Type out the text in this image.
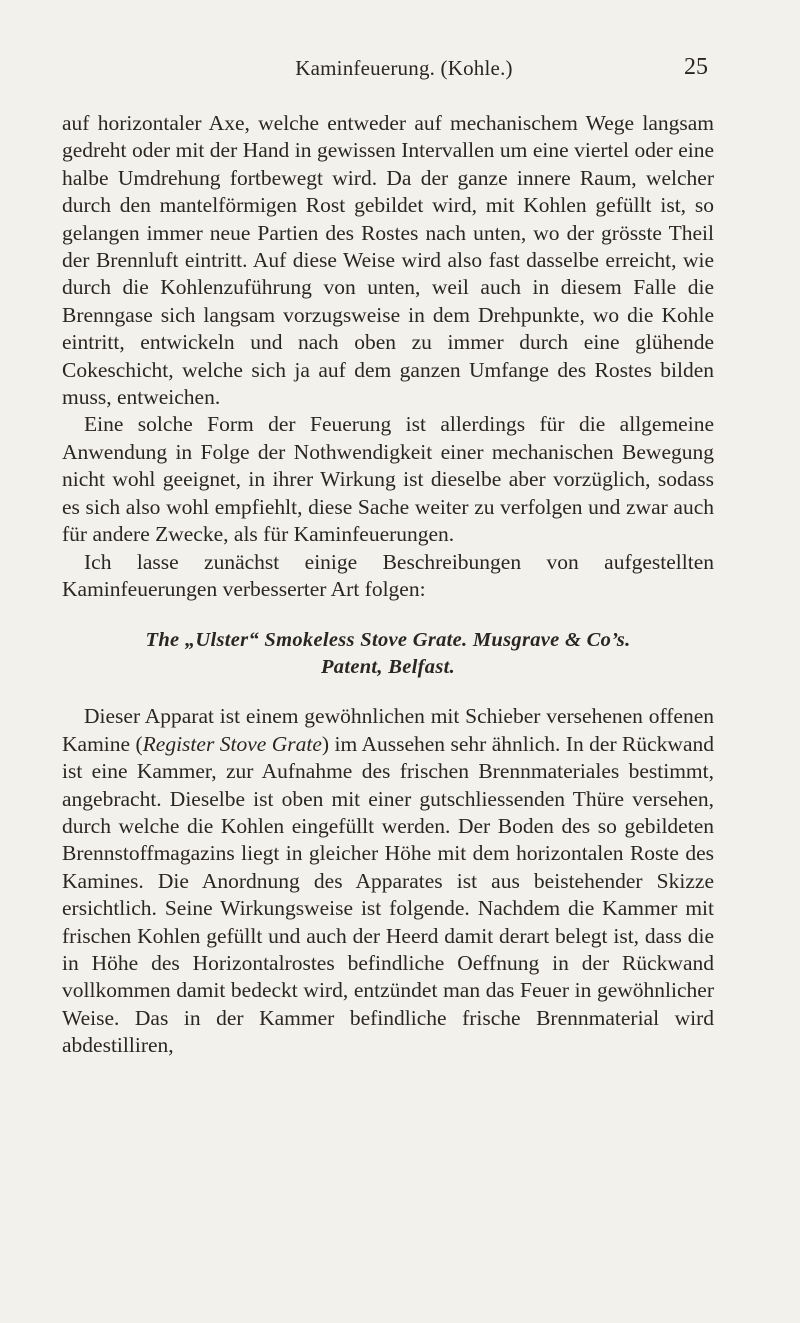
Kaminfeuerung. (Kohle.)	25

auf horizontaler Axe, welche entweder auf mechanischem Wege langsam gedreht oder mit der Hand in gewissen Intervallen um eine viertel oder eine halbe Umdrehung fortbewegt wird. Da der ganze innere Raum, welcher durch den mantelförmigen Rost gebildet wird, mit Kohlen gefüllt ist, so gelangen immer neue Partien des Rostes nach unten, wo der grösste Theil der Brennluft eintritt. Auf diese Weise wird also fast dasselbe erreicht, wie durch die Kohlenzuführung von unten, weil auch in diesem Falle die Brenngase sich langsam vorzugsweise in dem Drehpunkte, wo die Kohle eintritt, entwickeln und nach oben zu immer durch eine glühende Cokeschicht, welche sich ja auf dem ganzen Umfange des Rostes bilden muss, entweichen.

Eine solche Form der Feuerung ist allerdings für die allgemeine Anwendung in Folge der Nothwendigkeit einer mechanischen Bewegung nicht wohl geeignet, in ihrer Wirkung ist dieselbe aber vorzüglich, sodass es sich also wohl empfiehlt, diese Sache weiter zu verfolgen und zwar auch für andere Zwecke, als für Kaminfeuerungen.

Ich lasse zunächst einige Beschreibungen von aufgestellten Kaminfeuerungen verbesserter Art folgen:

The „Ulster“ Smokeless Stove Grate. Musgrave & Co’s.
Patent, Belfast.

Dieser Apparat ist einem gewöhnlichen mit Schieber versehenen offenen Kamine (Register Stove Grate) im Aussehen sehr ähnlich. In der Rückwand ist eine Kammer, zur Aufnahme des frischen Brennmateriales bestimmt, angebracht. Dieselbe ist oben mit einer gutschliessenden Thüre versehen, durch welche die Kohlen eingefüllt werden. Der Boden des so gebildeten Brennstoffmagazins liegt in gleicher Höhe mit dem horizontalen Roste des Kamines. Die Anordnung des Apparates ist aus beistehender Skizze ersichtlich. Seine Wirkungsweise ist folgende. Nachdem die Kammer mit frischen Kohlen gefüllt und auch der Heerd damit derart belegt ist, dass die in Höhe des Horizontalrostes befindliche Oeffnung in der Rückwand vollkommen damit bedeckt wird, entzündet man das Feuer in gewöhnlicher Weise. Das in der Kammer befindliche frische Brennmaterial wird abdestilliren,
